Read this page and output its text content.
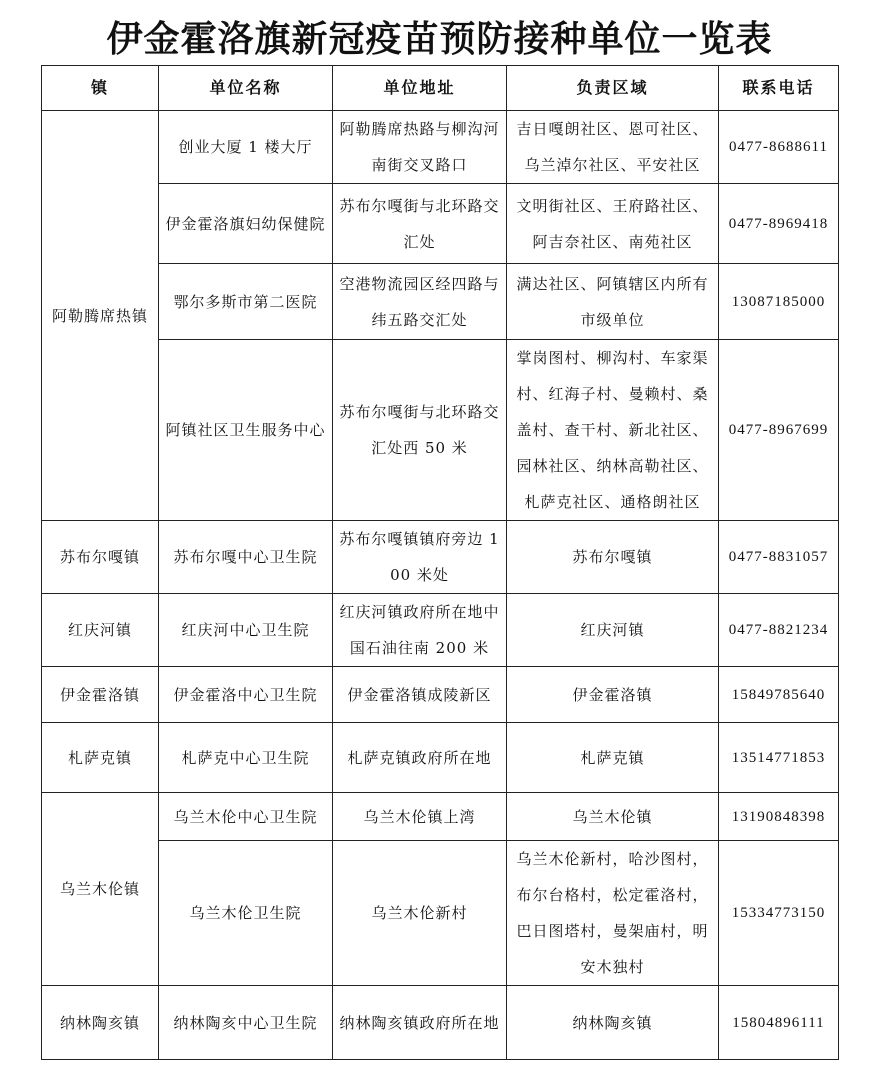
伊金霍洛旗新冠疫苗预防接种单位一览表
镇	单位名称	单位地址	负责区域	联系电话
阿勒腾席热镇	创业大厦 1 楼大厅	阿勒腾席热路与柳沟河南街交叉路口	吉日嘎朗社区、恩可社区、乌兰淖尔社区、平安社区	0477-8688611
	伊金霍洛旗妇幼保健院	苏布尔嘎街与北环路交汇处	文明街社区、王府路社区、阿吉奈社区、南苑社区	0477-8969418
	鄂尔多斯市第二医院	空港物流园区经四路与纬五路交汇处	满达社区、阿镇辖区内所有市级单位	13087185000
	阿镇社区卫生服务中心	苏布尔嘎街与北环路交汇处西 50 米	掌岗图村、柳沟村、车家渠村、红海子村、曼赖村、桑盖村、查干村、新北社区、园林社区、纳林高勒社区、札萨克社区、通格朗社区	0477-8967699
苏布尔嘎镇	苏布尔嘎中心卫生院	苏布尔嘎镇镇府旁边 100 米处	苏布尔嘎镇	0477-8831057
红庆河镇	红庆河中心卫生院	红庆河镇政府所在地中国石油往南 200 米	红庆河镇	0477-8821234
伊金霍洛镇	伊金霍洛中心卫生院	伊金霍洛镇成陵新区	伊金霍洛镇	15849785640
札萨克镇	札萨克中心卫生院	札萨克镇政府所在地	札萨克镇	13514771853
乌兰木伦镇	乌兰木伦中心卫生院	乌兰木伦镇上湾	乌兰木伦镇	13190848398
	乌兰木伦卫生院	乌兰木伦新村	乌兰木伦新村，哈沙图村，布尔台格村，松定霍洛村，巴日图塔村，曼架庙村，明安木独村	15334773150
纳林陶亥镇	纳林陶亥中心卫生院	纳林陶亥镇政府所在地	纳林陶亥镇	15804896111
